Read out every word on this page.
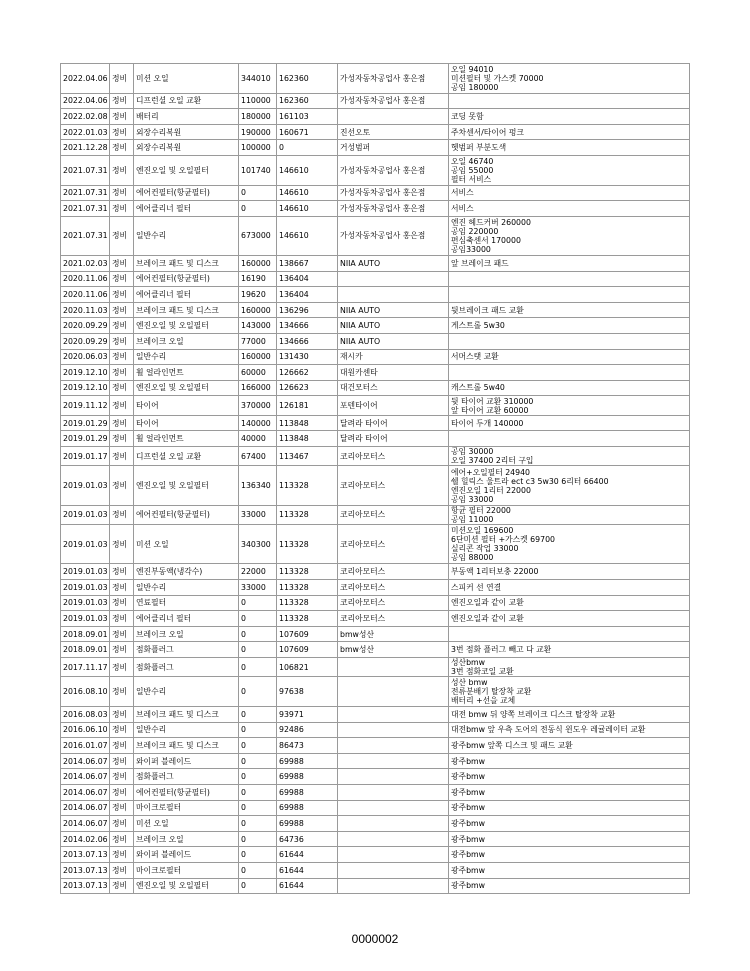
2022.04.06	정비	미션 오일	344010	162360	가성자동차공업사 홍은점	오일 94010
미션필터 및 가스켓 70000
공임 180000
2022.04.06	정비	디프런셜 오일 교환	110000	162360	가성자동차공업사 홍은점	
2022.02.08	정비	배터리	180000	161103		코딩 못함
2022.01.03	정비	외장수리복원	190000	160671	진선오토	주차센서/타이어 펑크
2021.12.28	정비	외장수리복원	100000	0	거성범퍼	헷범퍼 부분도색
2021.07.31	정비	엔진오일 및 오일필터	101740	146610	가성자동차공업사 홍은점	오일 46740
공임 55000
필터 서비스
2021.07.31	정비	에어컨필터(항균필터)	0	146610	가성자동차공업사 홍은점	서비스
2021.07.31	정비	에어클리너 필터	0	146610	가성자동차공업사 홍은점	서비스
2021.07.31	정비	일반수리	673000	146610	가성자동차공업사 홍은점	엔진 헤드커버 260000
공임 220000
편심축센서 170000
공임33000
2021.02.03	정비	브레이크 패드 및 디스크	160000	138667	NIIA AUTO	앞 브레이크 패드
2020.11.06	정비	에어컨필터(항균필터)	16190	136404		
2020.11.06	정비	에어클리너 필터	19620	136404		
2020.11.03	정비	브레이크 패드 및 디스크	160000	136296	NIIA AUTO	뒷브레이크 패드 교환
2020.09.29	정비	엔진오일 및 오일필터	143000	134666	NIIA AUTO	게스트롤 5w30
2020.09.29	정비	브레이크 오일	77000	134666	NIIA AUTO	
2020.06.03	정비	일반수리	160000	131430	재시카	서머스탯 교환
2019.12.10	정비	휠 얼라인먼트	60000	126662	대원카센타	
2019.12.10	정비	엔진오일 및 오일필터	166000	126623	대건모터스	캐스트롤 5w40
2019.11.12	정비	타이어	370000	126181	포텐타이어	뒷 타이어 교환 310000
앞 타이어 교환 60000
2019.01.29	정비	타이어	140000	113848	달려라 타이어	타이어 두개 140000
2019.01.29	정비	휠 얼라인먼트	40000	113848	달려라 타이어	
2019.01.17	정비	디프런셜 오일 교환	67400	113467	코리아모터스	공임 30000
오일 37400 2리터 구입
2019.01.03	정비	엔진오일 및 오일필터	136340	113328	코리아모터스	에어+오일필터 24940
쉘 힐릭스 울트라 ect c3 5w30 6리터 66400
엔진오일 1리터 22000
공임 33000
2019.01.03	정비	에어컨필터(항균필터)	33000	113328	코리아모터스	항균 필터 22000
공임 11000
2019.01.03	정비	미션 오일	340300	113328	코리아모터스	미션오일 169600
6단미션 필터 +가스켓 69700
실리콘 작업 33000
공임 88000
2019.01.03	정비	엔진부동액(냉각수)	22000	113328	코리아모터스	부동액 1리터보충 22000
2019.01.03	정비	일반수리	33000	113328	코리아모터스	스피커 선 연결
2019.01.03	정비	연료필터	0	113328	코리아모터스	엔진오일과 같이 교환
2019.01.03	정비	에어클리너 필터	0	113328	코리아모터스	엔진오일과 같이 교환
2018.09.01	정비	브레이크 오일	0	107609	bmw성산	
2018.09.01	정비	점화플러그	0	107609	bmw성산	3번 점화 플러그 빼고 다 교환
2017.11.17	정비	점화플러그	0	106821		성산bmw
3번 점화코일 교환
2016.08.10	정비	일반수리	0	97638		성산 bmw
전류분배기 탈장착 교환
배터리 +선을 교체
2016.08.03	정비	브레이크 패드 및 디스크	0	93971		대전 bmw 뒤 양쪽 브레이크 디스크 탈장착 교환
2016.06.10	정비	일반수리	0	92486		대전bmw 앞 우측 도어의 전동식 윈도우 레귤레이터 교환
2016.01.07	정비	브레이크 패드 및 디스크	0	86473		광주bmw 앞쪽 디스크 및 패드 교환
2014.06.07	정비	와이퍼 블레이드	0	69988		광주bmw
2014.06.07	정비	점화플러그	0	69988		광주bmw
2014.06.07	정비	에어컨필터(항균필터)	0	69988		광주bmw
2014.06.07	정비	마이크로필터	0	69988		광주bmw
2014.06.07	정비	미션 오일	0	69988		광주bmw
2014.02.06	정비	브레이크 오일	0	64736		광주bmw
2013.07.13	정비	와이퍼 블레이드	0	61644		광주bmw
2013.07.13	정비	마이크로필터	0	61644		광주bmw
2013.07.13	정비	엔진오일 및 오일필터	0	61644		광주bmw
0000002
